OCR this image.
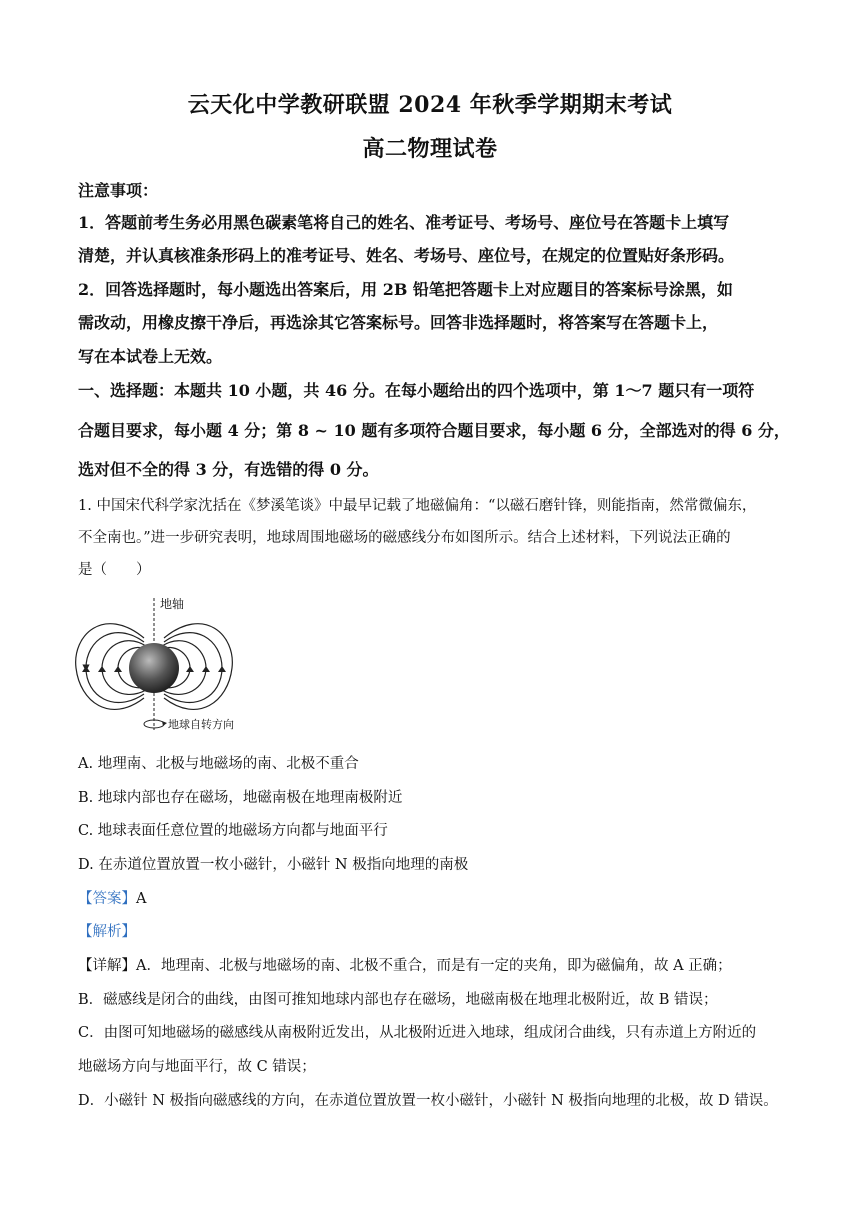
云天化中学教研联盟 2024 年秋季学期期末考试
高二物理试卷
注意事项：
1．答题前考生务必用黑色碳素笔将自己的姓名、准考证号、考场号、座位号在答题卡上填写
清楚，并认真核准条形码上的准考证号、姓名、考场号、座位号，在规定的位置贴好条形码。
2．回答选择题时，每小题选出答案后，用 2B 铅笔把答题卡上对应题目的答案标号涂黑，如
需改动，用橡皮擦干净后，再选涂其它答案标号。回答非选择题时，将答案写在答题卡上，
写在本试卷上无效。
一、选择题：本题共 10 小题，共 46 分。在每小题给出的四个选项中，第 1～7 题只有一项符
合题目要求，每小题 4 分；第 8 ~ 10 题有多项符合题目要求，每小题 6 分，全部选对的得 6 分，
选对但不全的得 3 分，有选错的得 0 分。
1. 中国宋代科学家沈括在《梦溪笔谈》中最早记载了地磁偏角：“以磁石磨针锋，则能指南，然常微偏东，
不全南也。”进一步研究表明，地球周围地磁场的磁感线分布如图所示。结合上述材料，下列说法正确的
是（　　）
地轴
地球自转方向
A. 地理南、北极与地磁场的南、北极不重合
B. 地球内部也存在磁场，地磁南极在地理南极附近
C. 地球表面任意位置的地磁场方向都与地面平行
D. 在赤道位置放置一枚小磁针，小磁针 N 极指向地理的南极
【答案】A
【解析】
【详解】A．地理南、北极与地磁场的南、北极不重合，而是有一定的夹角，即为磁偏角，故 A 正确；
B．磁感线是闭合的曲线，由图可推知地球内部也存在磁场，地磁南极在地理北极附近，故 B 错误；
C．由图可知地磁场的磁感线从南极附近发出，从北极附近进入地球，组成闭合曲线，只有赤道上方附近的
地磁场方向与地面平行，故 C 错误；
D．小磁针 N 极指向磁感线的方向，在赤道位置放置一枚小磁针，小磁针 N 极指向地理的北极，故 D 错误。
